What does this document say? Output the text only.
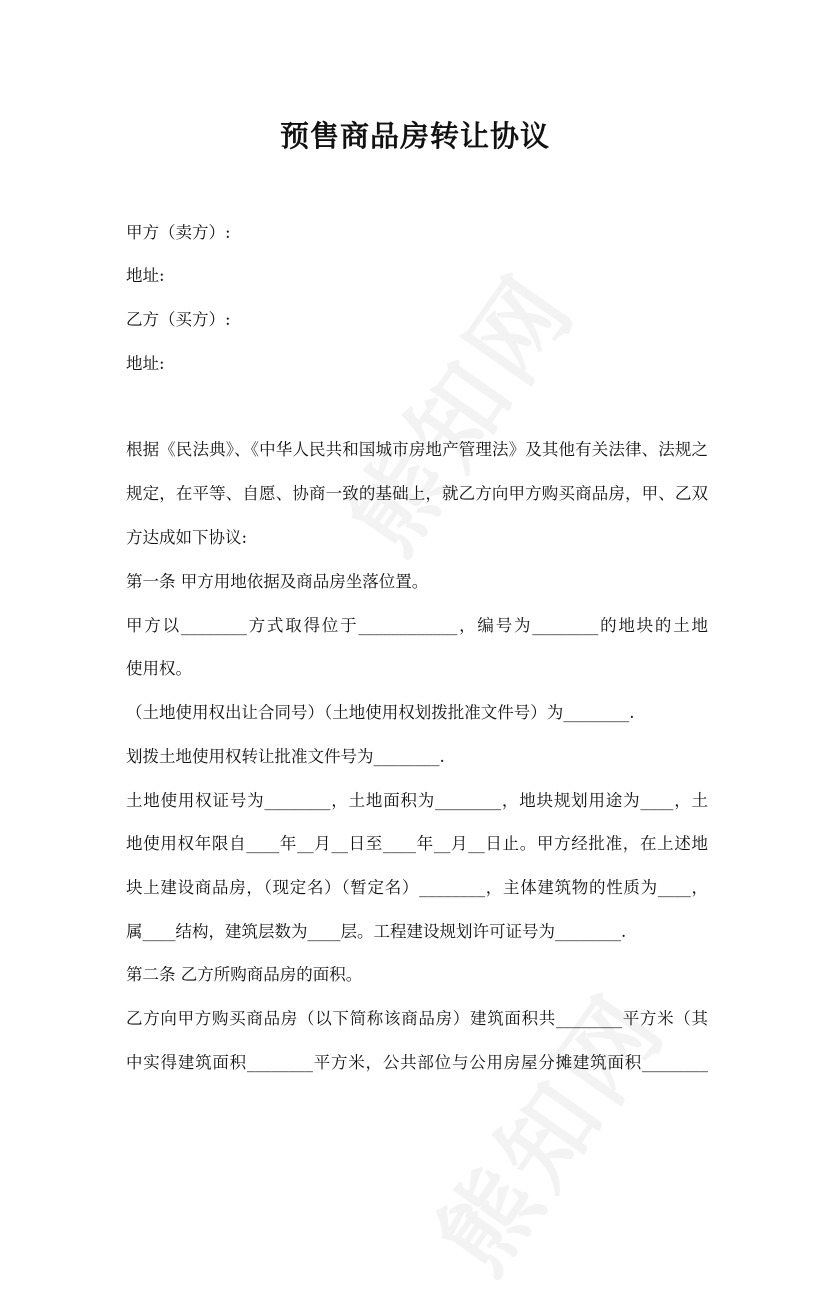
预售商品房转让协议
甲方（卖方）:
地址:
乙方（买方）:
地址:
根据《民法典》、《中华人民共和国城市房地产管理法》及其他有关法律、法规之
规定，在平等、自愿、协商一致的基础上，就乙方向甲方购买商品房，甲、乙双
方达成如下协议:
第一条 甲方用地依据及商品房坐落位置。
甲方以________方式取得位于____________，编号为________的地块的土地
使用权。
（土地使用权出让合同号）（土地使用权划拨批准文件号）为________.
划拨土地使用权转让批准文件号为________.
土地使用权证号为________，土地面积为________，地块规划用途为____，土
地使用权年限自____年__月__日至____年__月__日止。甲方经批准，在上述地
块上建设商品房，（现定名）（暂定名）________，主体建筑物的性质为____，
属____结构，建筑层数为____层。工程建设规划许可证号为________.
第二条 乙方所购商品房的面积。
乙方向甲方购买商品房（以下简称该商品房）建筑面积共________平方米（其
中实得建筑面积________平方米，公共部位与公用房屋分摊建筑面积________
